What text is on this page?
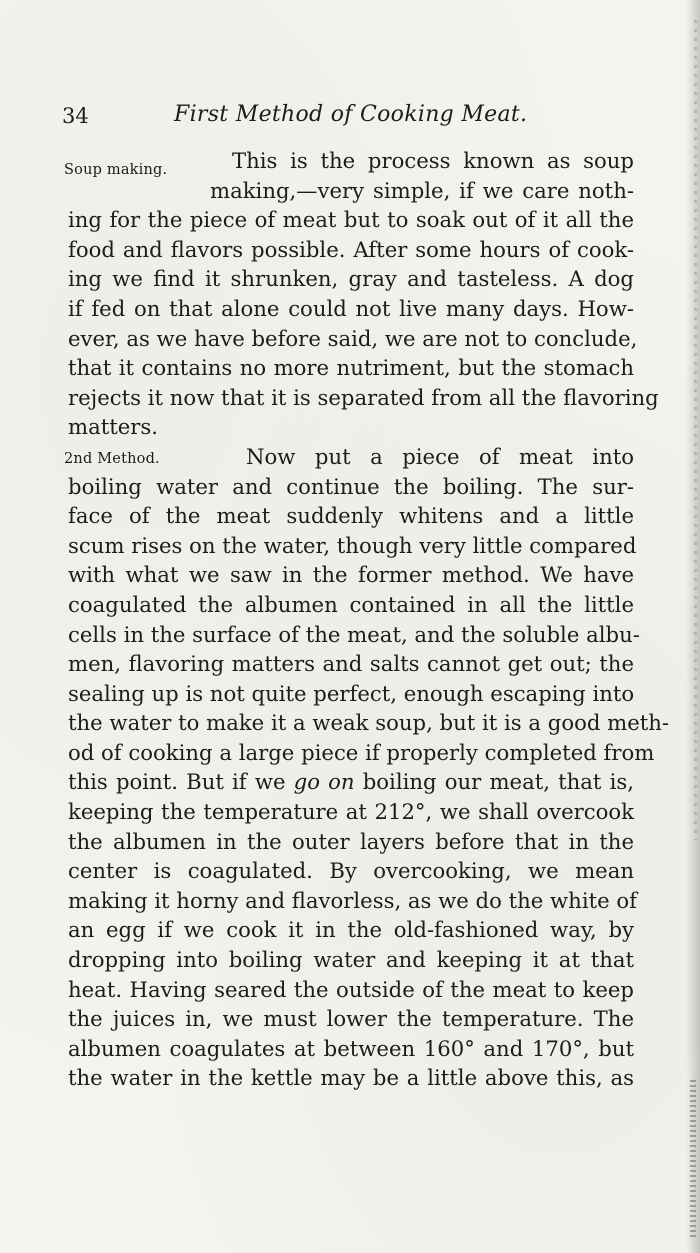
34	First Method of Cooking Meat.
Soup making.
2nd Method.
This is the process known as soup
making,—very simple, if we care noth-
ing for the piece of meat but to soak out of it all the
food and flavors possible. After some hours of cook-
ing we find it shrunken, gray and tasteless. A dog
if fed on that alone could not live many days. How-
ever, as we have before said, we are not to conclude,
that it contains no more nutriment, but the stomach
rejects it now that it is separated from all the flavoring
matters.
Now put a piece of meat into
boiling water and continue the boiling. The sur-
face of the meat suddenly whitens and a little
scum rises on the water, though very little compared
with what we saw in the former method. We have
coagulated the albumen contained in all the little
cells in the surface of the meat, and the soluble albu-
men, flavoring matters and salts cannot get out; the
sealing up is not quite perfect, enough escaping into
the water to make it a weak soup, but it is a good meth-
od of cooking a large piece if properly completed from
this point. But if we go on boiling our meat, that is,
keeping the temperature at 212°, we shall overcook
the albumen in the outer layers before that in the
center is coagulated. By overcooking, we mean
making it horny and flavorless, as we do the white of
an egg if we cook it in the old-fashioned way, by
dropping into boiling water and keeping it at that
heat. Having seared the outside of the meat to keep
the juices in, we must lower the temperature. The
albumen coagulates at between 160° and 170°, but
the water in the kettle may be a little above this, as
